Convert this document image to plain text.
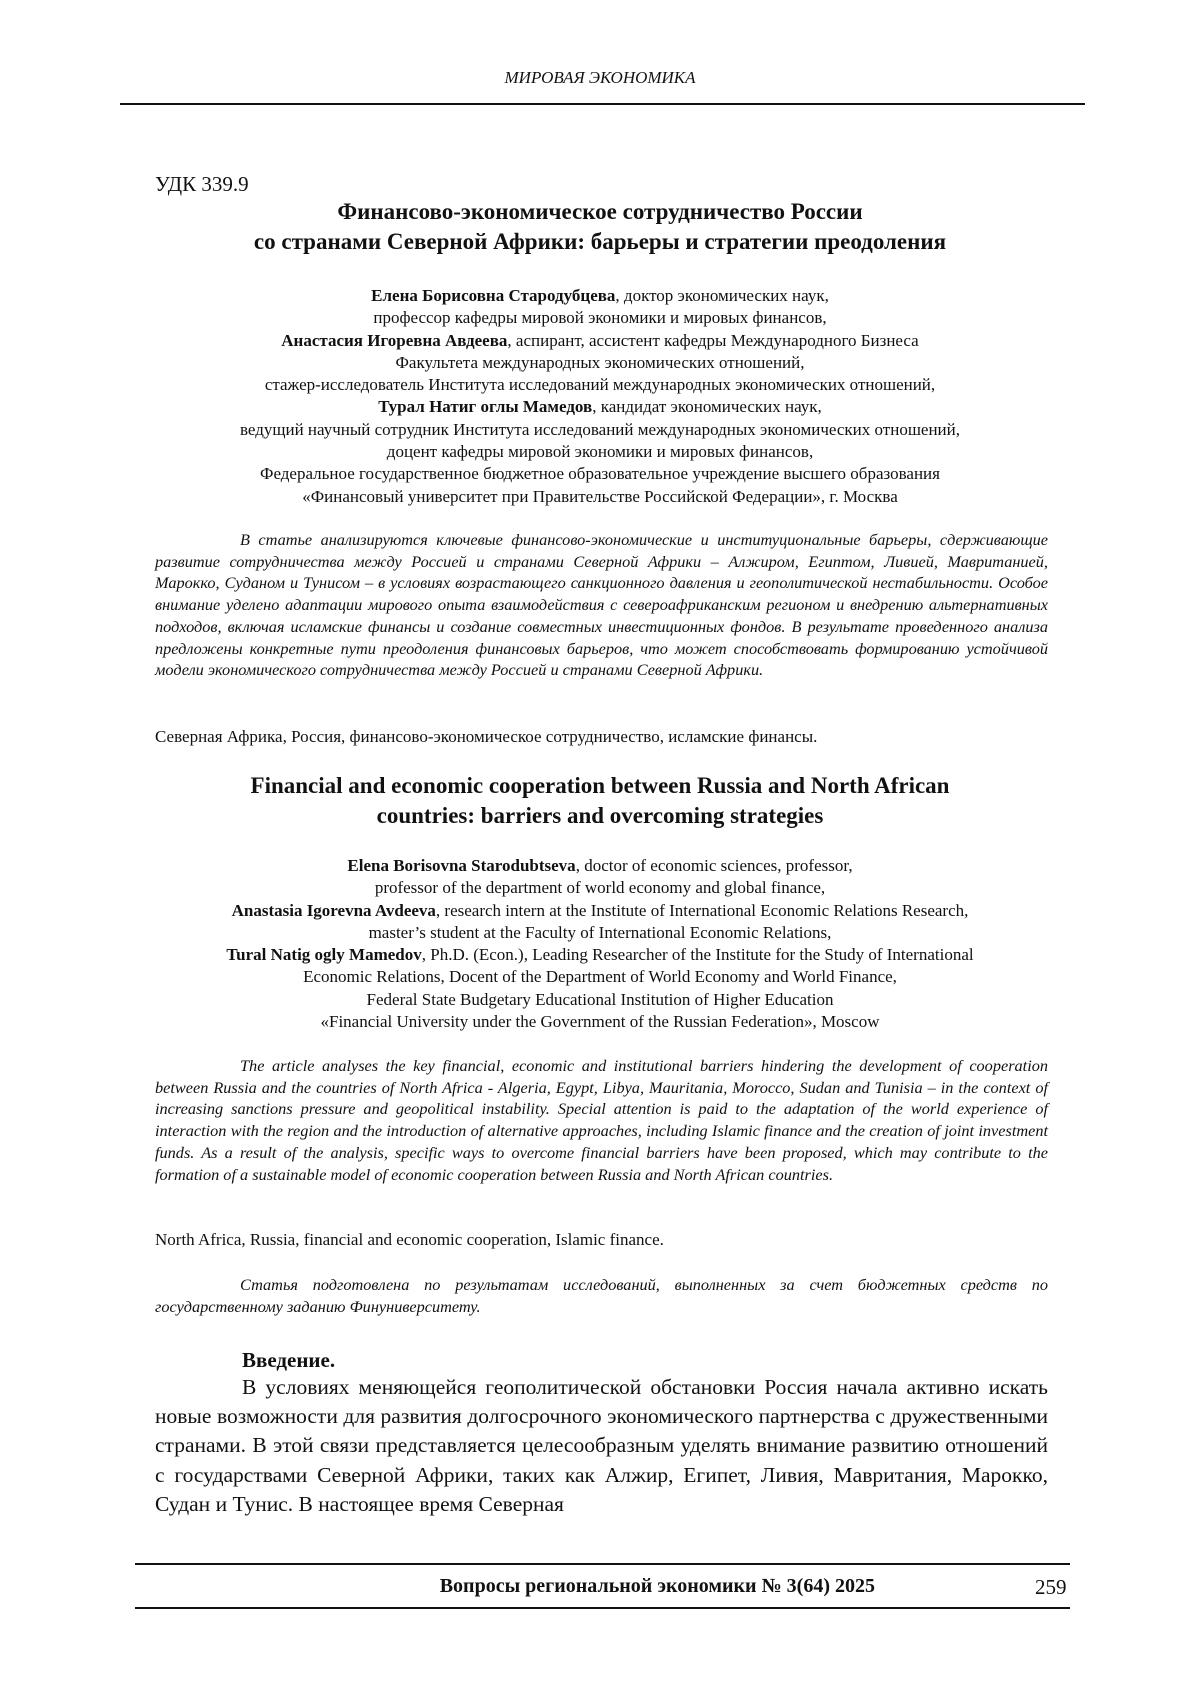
МИРОВАЯ ЭКОНОМИКА
УДК 339.9
Финансово-экономическое сотрудничество России
со странами Северной Африки: барьеры и стратегии преодоления
Елена Борисовна Стародубцева, доктор экономических наук,
профессор кафедры мировой экономики и мировых финансов,
Анастасия Игоревна Авдеева, аспирант, ассистент кафедры Международного Бизнеса
Факультета международных экономических отношений,
стажер-исследователь Института исследований международных экономических отношений,
Турал Натиг оглы Мамедов, кандидат экономических наук,
ведущий научный сотрудник Института исследований международных экономических отношений,
доцент кафедры мировой экономики и мировых финансов,
Федеральное государственное бюджетное образовательное учреждение высшего образования
«Финансовый университет при Правительстве Российской Федерации», г. Москва

В статье анализируются ключевые финансово-экономические и институциональные барьеры, сдерживающие развитие сотрудничества между Россией и странами Северной Африки – Алжиром, Египтом, Ливией, Мавританией, Марокко, Суданом и Тунисом – в условиях возрастающего санкционного давления и геополитической нестабильности. Особое внимание уделено адаптации мирового опыта взаимодействия с североафриканским регионом и внедрению альтернативных подходов, включая исламские финансы и создание совместных инвестиционных фондов. В результате проведенного анализа предложены конкретные пути преодоления финансовых барьеров, что может способствовать формированию устойчивой модели экономического сотрудничества между Россией и странами Северной Африки.

Северная Африка, Россия, финансово-экономическое сотрудничество, исламские финансы.
Financial and economic cooperation between Russia and North African
countries: barriers and overcoming strategies
Elena Borisovna Starodubtseva, doctor of economic sciences, professor,
professor of the department of world economy and global finance,
Anastasia Igorevna Avdeeva, research intern at the Institute of International Economic Relations Research,
master’s student at the Faculty of International Economic Relations,
Tural Natig ogly Mamedov, Ph.D. (Econ.), Leading Researcher of the Institute for the Study of International
Economic Relations, Docent of the Department of World Economy and World Finance,
Federal State Budgetary Educational Institution of Higher Education
«Financial University under the Government of the Russian Federation», Moscow

The article analyses the key financial, economic and institutional barriers hindering the development of cooperation between Russia and the countries of North Africa - Algeria, Egypt, Libya, Mauritania, Morocco, Sudan and Tunisia – in the context of increasing sanctions pressure and geopolitical instability. Special attention is paid to the adaptation of the world experience of interaction with the region and the introduction of alternative approaches, including Islamic finance and the creation of joint investment funds. As a result of the analysis, specific ways to overcome financial barriers have been proposed, which may contribute to the formation of a sustainable model of economic cooperation between Russia and North African countries.

North Africa, Russia, financial and economic cooperation, Islamic finance.

Статья подготовлена по результатам исследований, выполненных за счет бюджетных средств по государственному заданию Финуниверситету.

Введение.

В условиях меняющейся геополитической обстановки Россия начала активно искать новые возможности для развития долгосрочного экономического партнерства с дружественными странами. В этой связи представляется целесообразным уделять внимание развитию отношений с государствами Северной Африки, таких как Алжир, Египет, Ливия, Мавритания, Марокко, Судан и Тунис. В настоящее время Северная

Вопросы региональной экономики № 3(64) 2025	259
